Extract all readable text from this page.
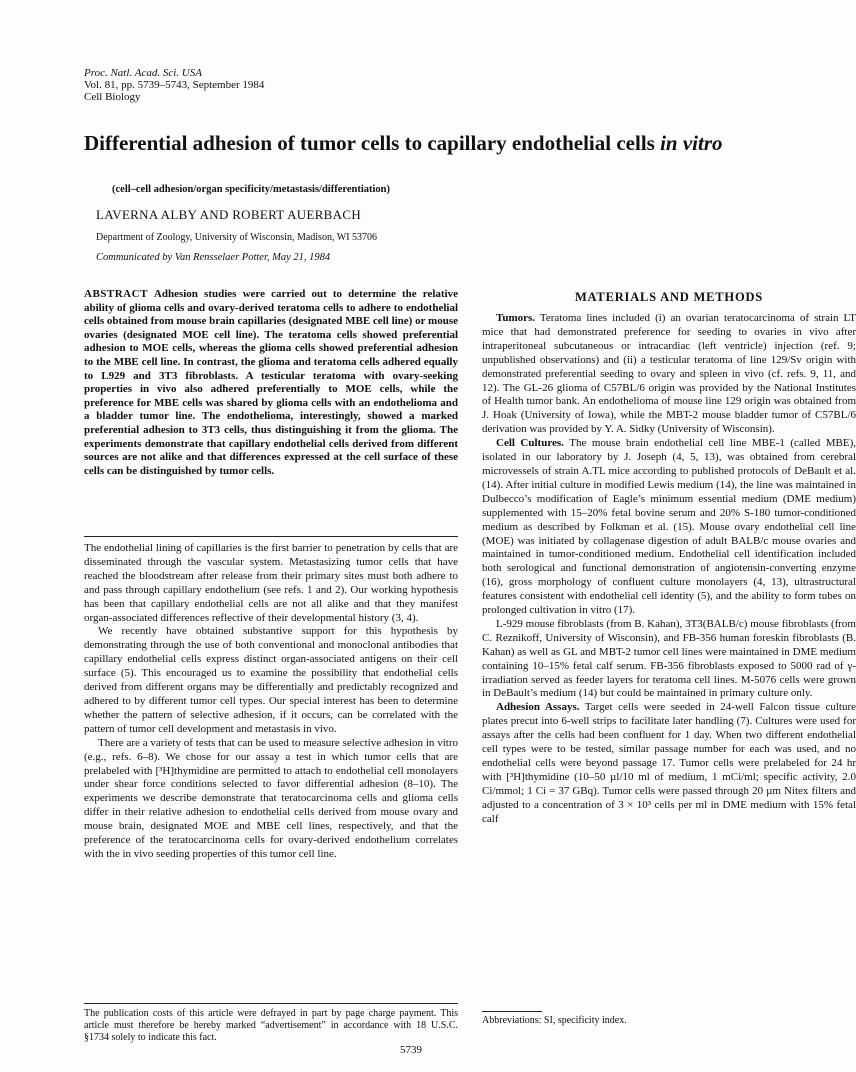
Proc. Natl. Acad. Sci. USA
Vol. 81, pp. 5739–5743, September 1984
Cell Biology
Differential adhesion of tumor cells to capillary endothelial cells in vitro
(cell–cell adhesion/organ specificity/metastasis/differentiation)
LAVERNA ALBY AND ROBERT AUERBACH
Department of Zoology, University of Wisconsin, Madison, WI 53706
Communicated by Van Rensselaer Potter, May 21, 1984

ABSTRACT Adhesion studies were carried out to determine the relative ability of glioma cells and ovary-derived teratoma cells to adhere to endothelial cells obtained from mouse brain capillaries (designated MBE cell line) or mouse ovaries (designated MOE cell line). The teratoma cells showed preferential adhesion to MOE cells, whereas the glioma cells showed preferential adhesion to the MBE cell line. In contrast, the glioma and teratoma cells adhered equally to L929 and 3T3 fibroblasts. A testicular teratoma with ovary-seeking properties in vivo also adhered preferentially to MOE cells, while the preference for MBE cells was shared by glioma cells with an endothelioma and a bladder tumor line. The endothelioma, interestingly, showed a marked preferential adhesion to 3T3 cells, thus distinguishing it from the glioma. The experiments demonstrate that capillary endothelial cells derived from different sources are not alike and that differences expressed at the cell surface of these cells can be distinguished by tumor cells.

The endothelial lining of capillaries is the first barrier to penetration by cells that are disseminated through the vascular system. Metastasizing tumor cells that have reached the bloodstream after release from their primary sites must both adhere to and pass through capillary endothelium (see refs. 1 and 2). Our working hypothesis has been that capillary endothelial cells are not all alike and that they manifest organ-associated differences reflective of their developmental history (3, 4).

We recently have obtained substantive support for this hypothesis by demonstrating through the use of both conventional and monoclonal antibodies that capillary endothelial cells express distinct organ-associated antigens on their cell surface (5). This encouraged us to examine the possibility that endothelial cells derived from different organs may be differentially and predictably recognized and adhered to by different tumor cell types. Our special interest has been to determine whether the pattern of selective adhesion, if it occurs, can be correlated with the pattern of tumor cell development and metastasis in vivo.

There are a variety of tests that can be used to measure selective adhesion in vitro (e.g., refs. 6–8). We chose for our assay a test in which tumor cells that are prelabeled with [³H]thymidine are permitted to attach to endothelial cell monolayers under shear force conditions selected to favor differential adhesion (8–10). The experiments we describe demonstrate that teratocarcinoma cells and glioma cells differ in their relative adhesion to endothelial cells derived from mouse ovary and mouse brain, designated MOE and MBE cell lines, respectively, and that the preference of the teratocarcinoma cells for ovary-derived endothelium correlates with the in vivo seeding properties of this tumor cell line.

The publication costs of this article were defrayed in part by page charge payment. This article must therefore be hereby marked “advertisement” in accordance with 18 U.S.C. §1734 solely to indicate this fact.
MATERIALS AND METHODS

Tumors. Teratoma lines included (i) an ovarian teratocarcinoma of strain LT mice that had demonstrated preference for seeding to ovaries in vivo after intraperitoneal subcutaneous or intracardiac (left ventricle) injection (ref. 9; unpublished observations) and (ii) a testicular teratoma of line 129/Sv origin with demonstrated preferential seeding to ovary and spleen in vivo (cf. refs. 9, 11, and 12). The GL-26 glioma of C57BL/6 origin was provided by the National Institutes of Health tumor bank. An endothelioma of mouse line 129 origin was obtained from J. Hoak (University of Iowa), while the MBT-2 mouse bladder tumor of C57BL/6 derivation was provided by Y. A. Sidky (University of Wisconsin).

Cell Cultures. The mouse brain endothelial cell line MBE-1 (called MBE), isolated in our laboratory by J. Joseph (4, 5, 13), was obtained from cerebral microvessels of strain A.TL mice according to published protocols of DeBault et al. (14). After initial culture in modified Lewis medium (14), the line was maintained in Dulbecco’s modification of Eagle’s minimum essential medium (DME medium) supplemented with 15–20% fetal bovine serum and 20% S-180 tumor-conditioned medium as described by Folkman et al. (15). Mouse ovary endothelial cell line (MOE) was initiated by collagenase digestion of adult BALB/c mouse ovaries and maintained in tumor-conditioned medium. Endothelial cell identification included both serological and functional demonstration of angiotensin-converting enzyme (16), gross morphology of confluent culture monolayers (4, 13), ultrastructural features consistent with endothelial cell identity (5), and the ability to form tubes on prolonged cultivation in vitro (17).

L-929 mouse fibroblasts (from B. Kahan), 3T3(BALB/c) mouse fibroblasts (from C. Reznikoff, University of Wisconsin), and FB-356 human foreskin fibroblasts (B. Kahan) as well as GL and MBT-2 tumor cell lines were maintained in DME medium containing 10–15% fetal calf serum. FB-356 fibroblasts exposed to 5000 rad of γ-irradiation served as feeder layers for teratoma cell lines. M-5076 cells were grown in DeBault’s medium (14) but could be maintained in primary culture only.

Adhesion Assays. Target cells were seeded in 24-well Falcon tissue culture plates precut into 6-well strips to facilitate later handling (7). Cultures were used for assays after the cells had been confluent for 1 day. When two different endothelial cell types were to be tested, similar passage number for each was used, and no endothelial cells were beyond passage 17. Tumor cells were prelabeled for 24 hr with [³H]thymidine (10–50 µl/10 ml of medium, 1 mCi/ml; specific activity, 2.0 Ci/mmol; 1 Ci = 37 GBq). Tumor cells were passed through 20 µm Nitex filters and adjusted to a concentration of 3 × 10³ cells per ml in DME medium with 15% fetal calf

Abbreviations: SI, specificity index.
5739
